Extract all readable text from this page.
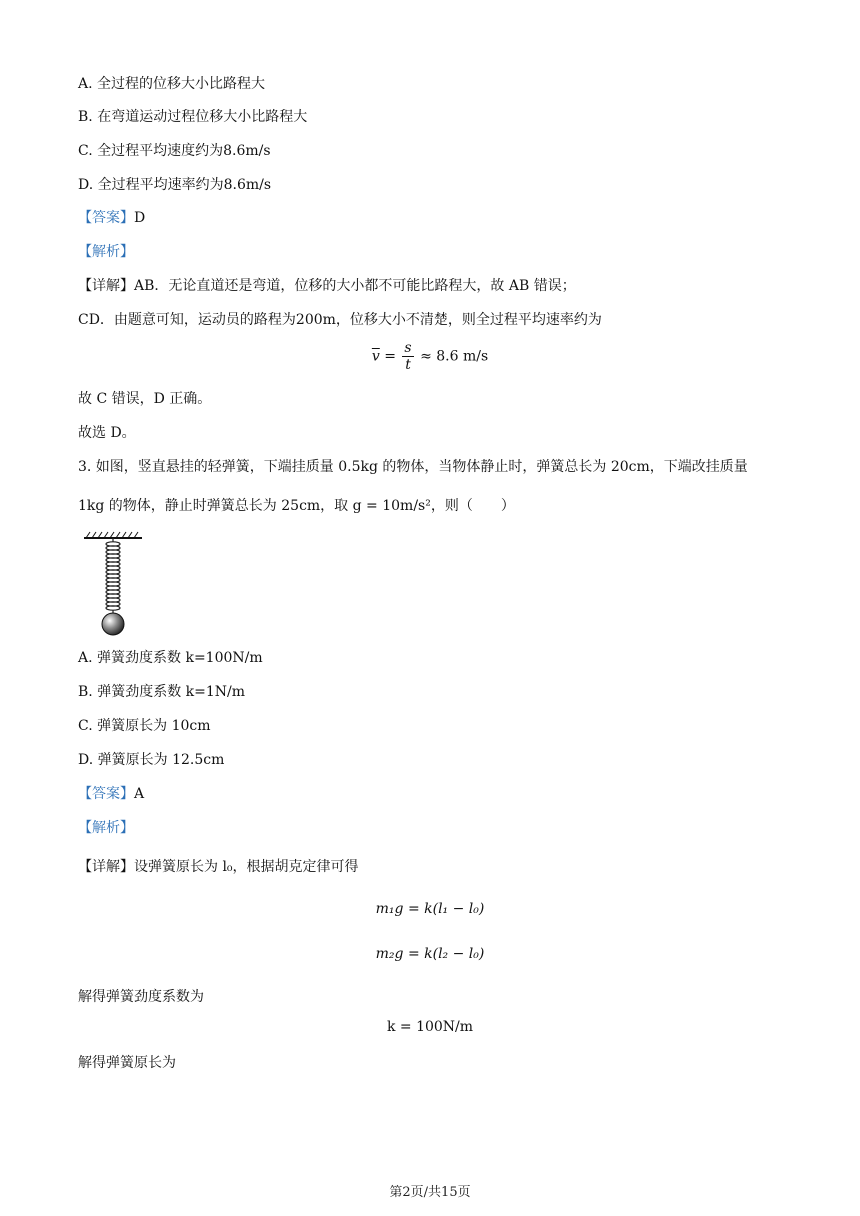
A. 全过程的位移大小比路程大
B. 在弯道运动过程位移大小比路程大
C. 全过程平均速度约为8.6m/s
D. 全过程平均速率约为8.6m/s
【答案】D
【解析】
【详解】AB．无论直道还是弯道，位移的大小都不可能比路程大，故 AB 错误；
CD．由题意可知，运动员的路程为200m，位移大小不清楚，则全过程平均速率约为
$\overline{v} = \frac{s}{t} \approx 8.6$ m/s
故 C 错误，D 正确。
故选 D。
3. 如图，竖直悬挂的轻弹簧，下端挂质量 0.5kg 的物体，当物体静止时，弹簧总长为 20cm，下端改挂质量
1kg 的物体，静止时弹簧总长为 25cm，取 g = 10m/s²，则（　　）
A. 弹簧劲度系数 k=100N/m
B. 弹簧劲度系数 k=1N/m
C. 弹簧原长为 10cm
D. 弹簧原长为 12.5cm
【答案】A
【解析】
【详解】设弹簧原长为 l₀，根据胡克定律可得
m₁g = k(l₁ − l₀)
m₂g = k(l₂ − l₀)
解得弹簧劲度系数为
k = 100N/m
解得弹簧原长为
第2页/共15页
